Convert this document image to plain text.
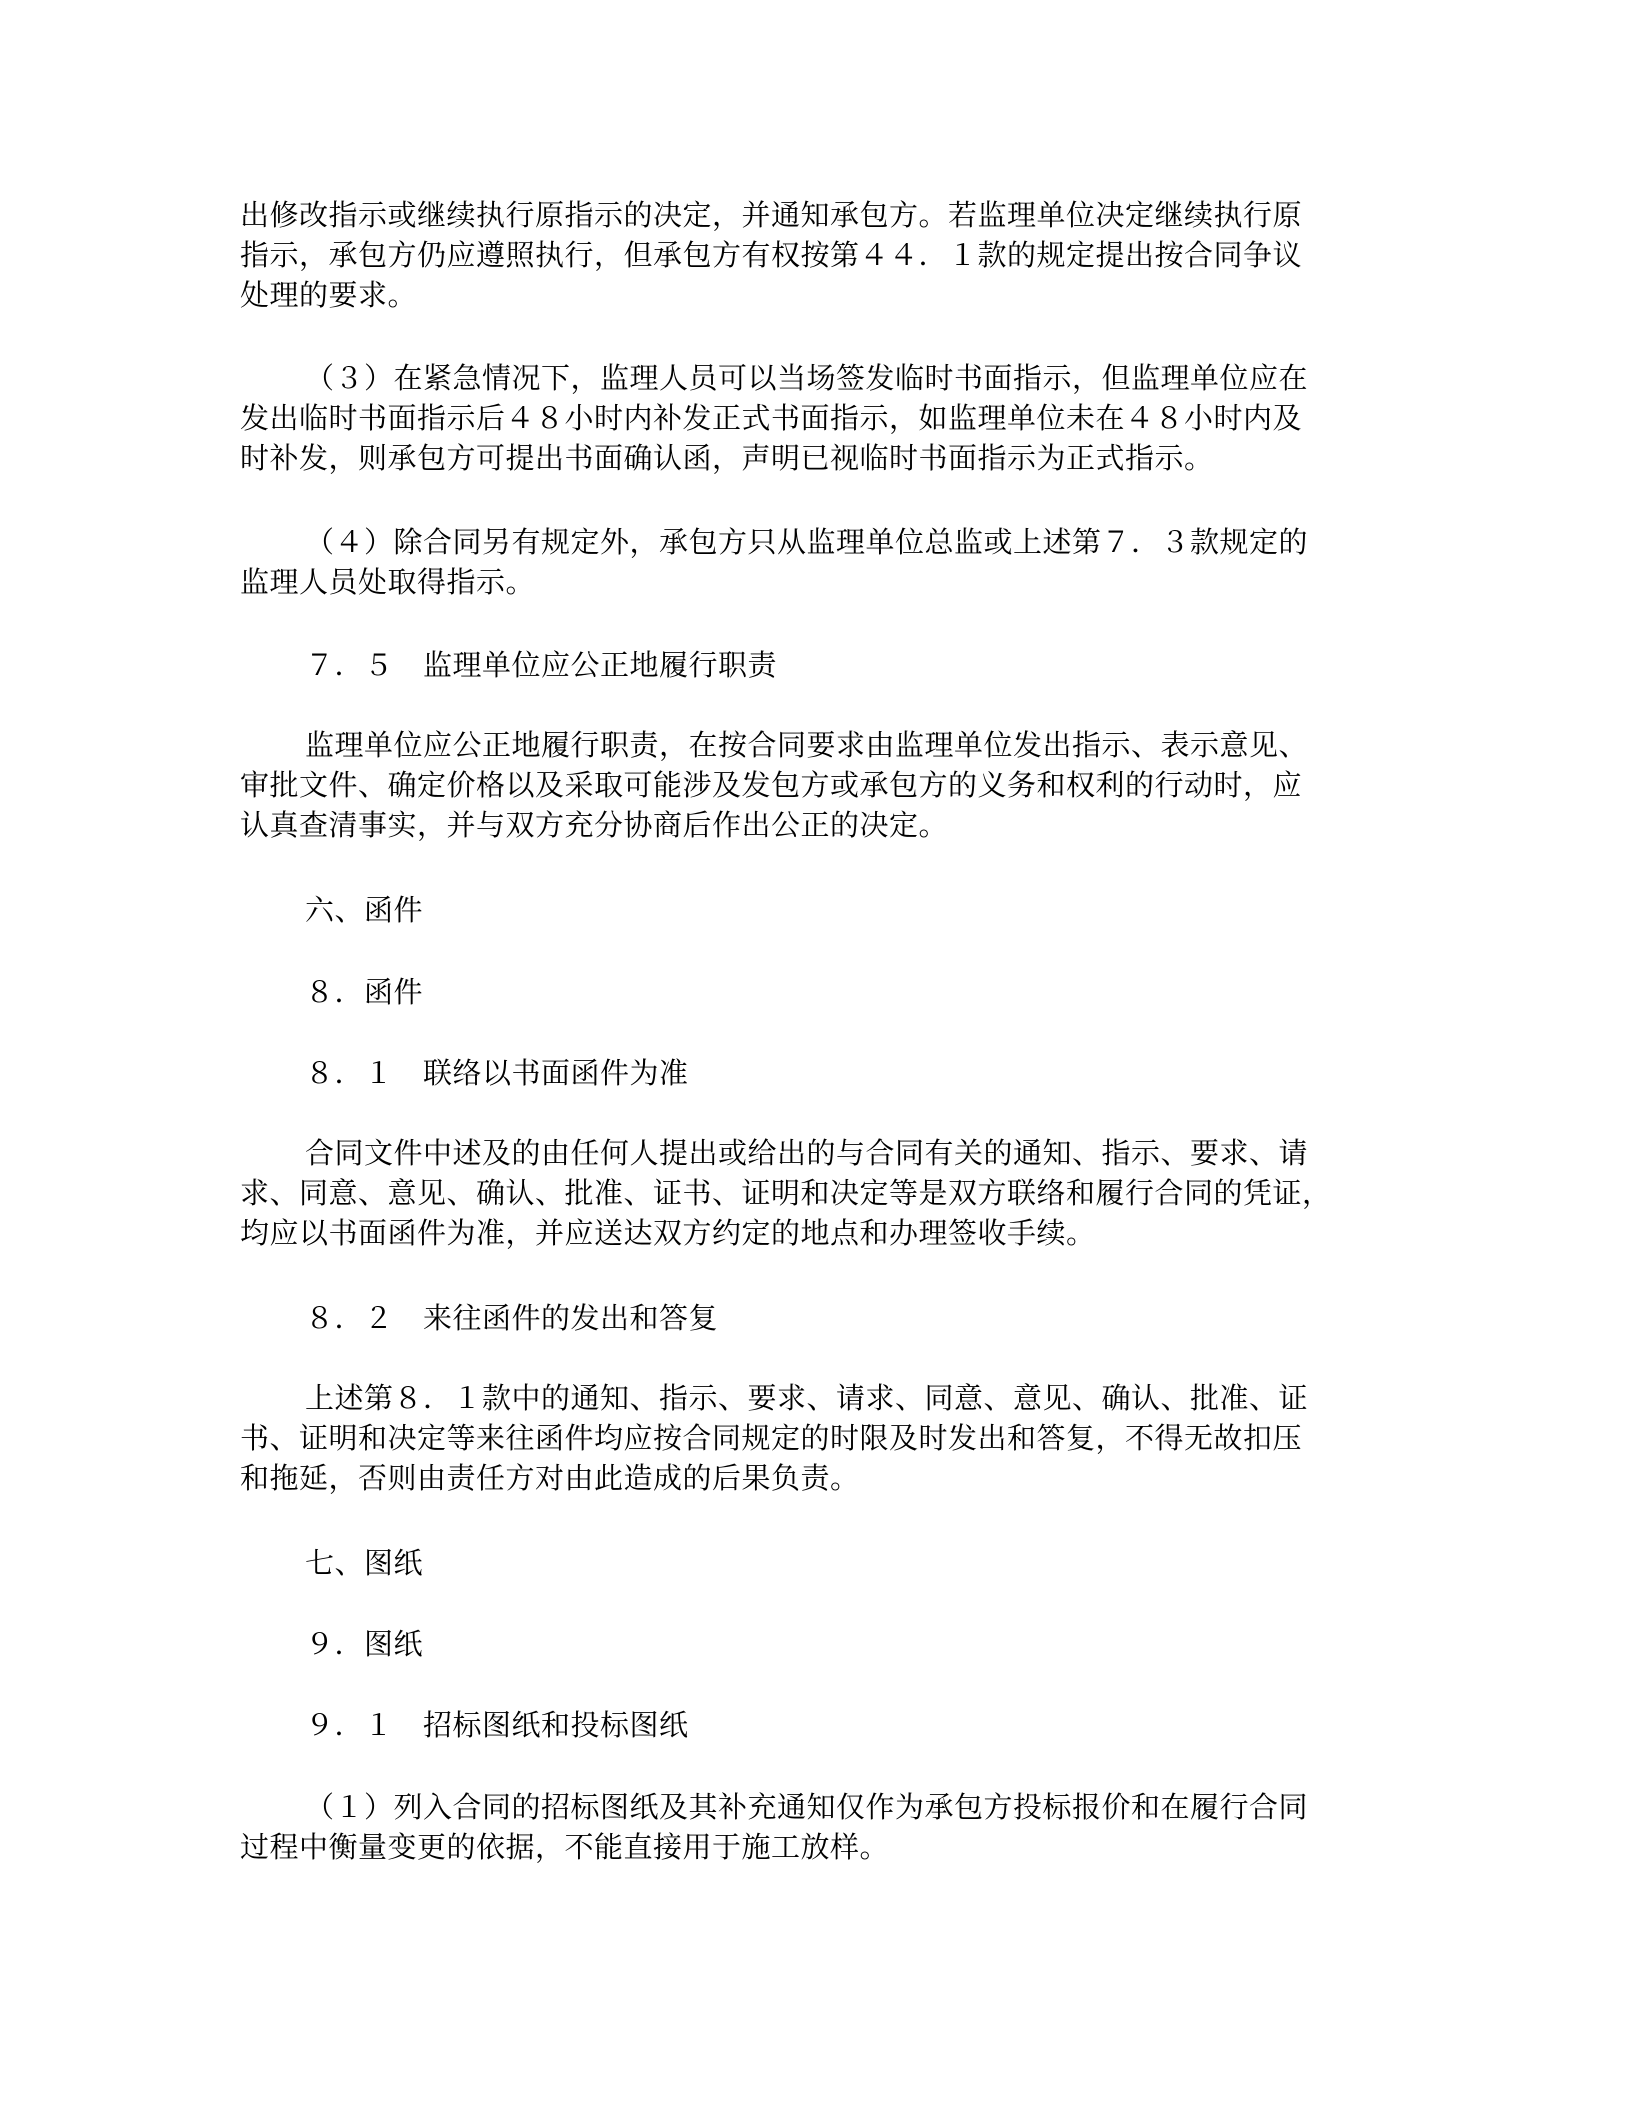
出修改指示或继续执行原指示的决定，并通知承包方。若监理单位决定继续执行原
指示，承包方仍应遵照执行，但承包方有权按第４４．１款的规定提出按合同争议
处理的要求。
（３）在紧急情况下，监理人员可以当场签发临时书面指示，但监理单位应在
发出临时书面指示后４８小时内补发正式书面指示，如监理单位未在４８小时内及
时补发，则承包方可提出书面确认函，声明已视临时书面指示为正式指示。
（４）除合同另有规定外，承包方只从监理单位总监或上述第７．３款规定的
监理人员处取得指示。
７．５　监理单位应公正地履行职责
监理单位应公正地履行职责，在按合同要求由监理单位发出指示、表示意见、
审批文件、确定价格以及采取可能涉及发包方或承包方的义务和权利的行动时，应
认真查清事实，并与双方充分协商后作出公正的决定。
六、函件
８．函件
８．１　联络以书面函件为准
合同文件中述及的由任何人提出或给出的与合同有关的通知、指示、要求、请
求、同意、意见、确认、批准、证书、证明和决定等是双方联络和履行合同的凭证，
均应以书面函件为准，并应送达双方约定的地点和办理签收手续。
８．２　来往函件的发出和答复
上述第８．１款中的通知、指示、要求、请求、同意、意见、确认、批准、证
书、证明和决定等来往函件均应按合同规定的时限及时发出和答复，不得无故扣压
和拖延，否则由责任方对由此造成的后果负责。
七、图纸
９．图纸
９．１　招标图纸和投标图纸
（１）列入合同的招标图纸及其补充通知仅作为承包方投标报价和在履行合同
过程中衡量变更的依据，不能直接用于施工放样。
